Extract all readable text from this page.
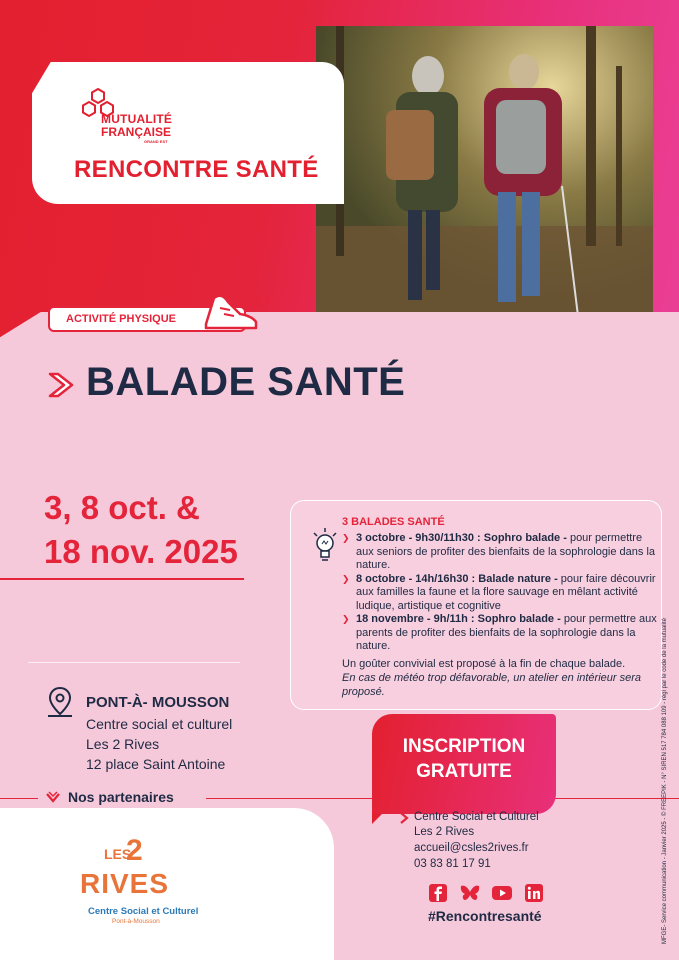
MUTUALITÉ
FRANÇAISE
GRAND EST
RENCONTRE SANTÉ
ACTIVITÉ PHYSIQUE
BALADE SANTÉ
3, 8 oct. &
18 nov. 2025
3 BALADES SANTÉ
❯ 3 octobre - 9h30/11h30 : Sophro balade - pour permettre aux seniors de profiter des bienfaits de la sophrologie dans la nature.
❯ 8 octobre - 14h/16h30 : Balade nature - pour faire découvrir aux familles la faune et la flore sauvage en mêlant activité ludique, artistique et cognitive
❯ 18 novembre - 9h/11h : Sophro balade - pour permettre aux parents de profiter des bienfaits de la sophrologie dans la nature.
Un goûter convivial est proposé à la fin de chaque balade.
En cas de météo trop défavorable, un atelier en intérieur sera proposé.
PONT-À- MOUSSON
Centre social et culturel
Les 2 Rives
12 place Saint Antoine
Nos partenaires
LES
2
RIVES
Centre Social et Culturel
Pont-à-Mousson
INSCRIPTION
GRATUITE
Centre Social et Culturel
Les 2 Rives
accueil@csles2rives.fr
03 83 81 17 91
#Rencontresanté	MFGE- Service communication - Janvier 2025 - © FREEPIK - N° SIREN 517 784 088 109 - régi par le code de la mutualité
